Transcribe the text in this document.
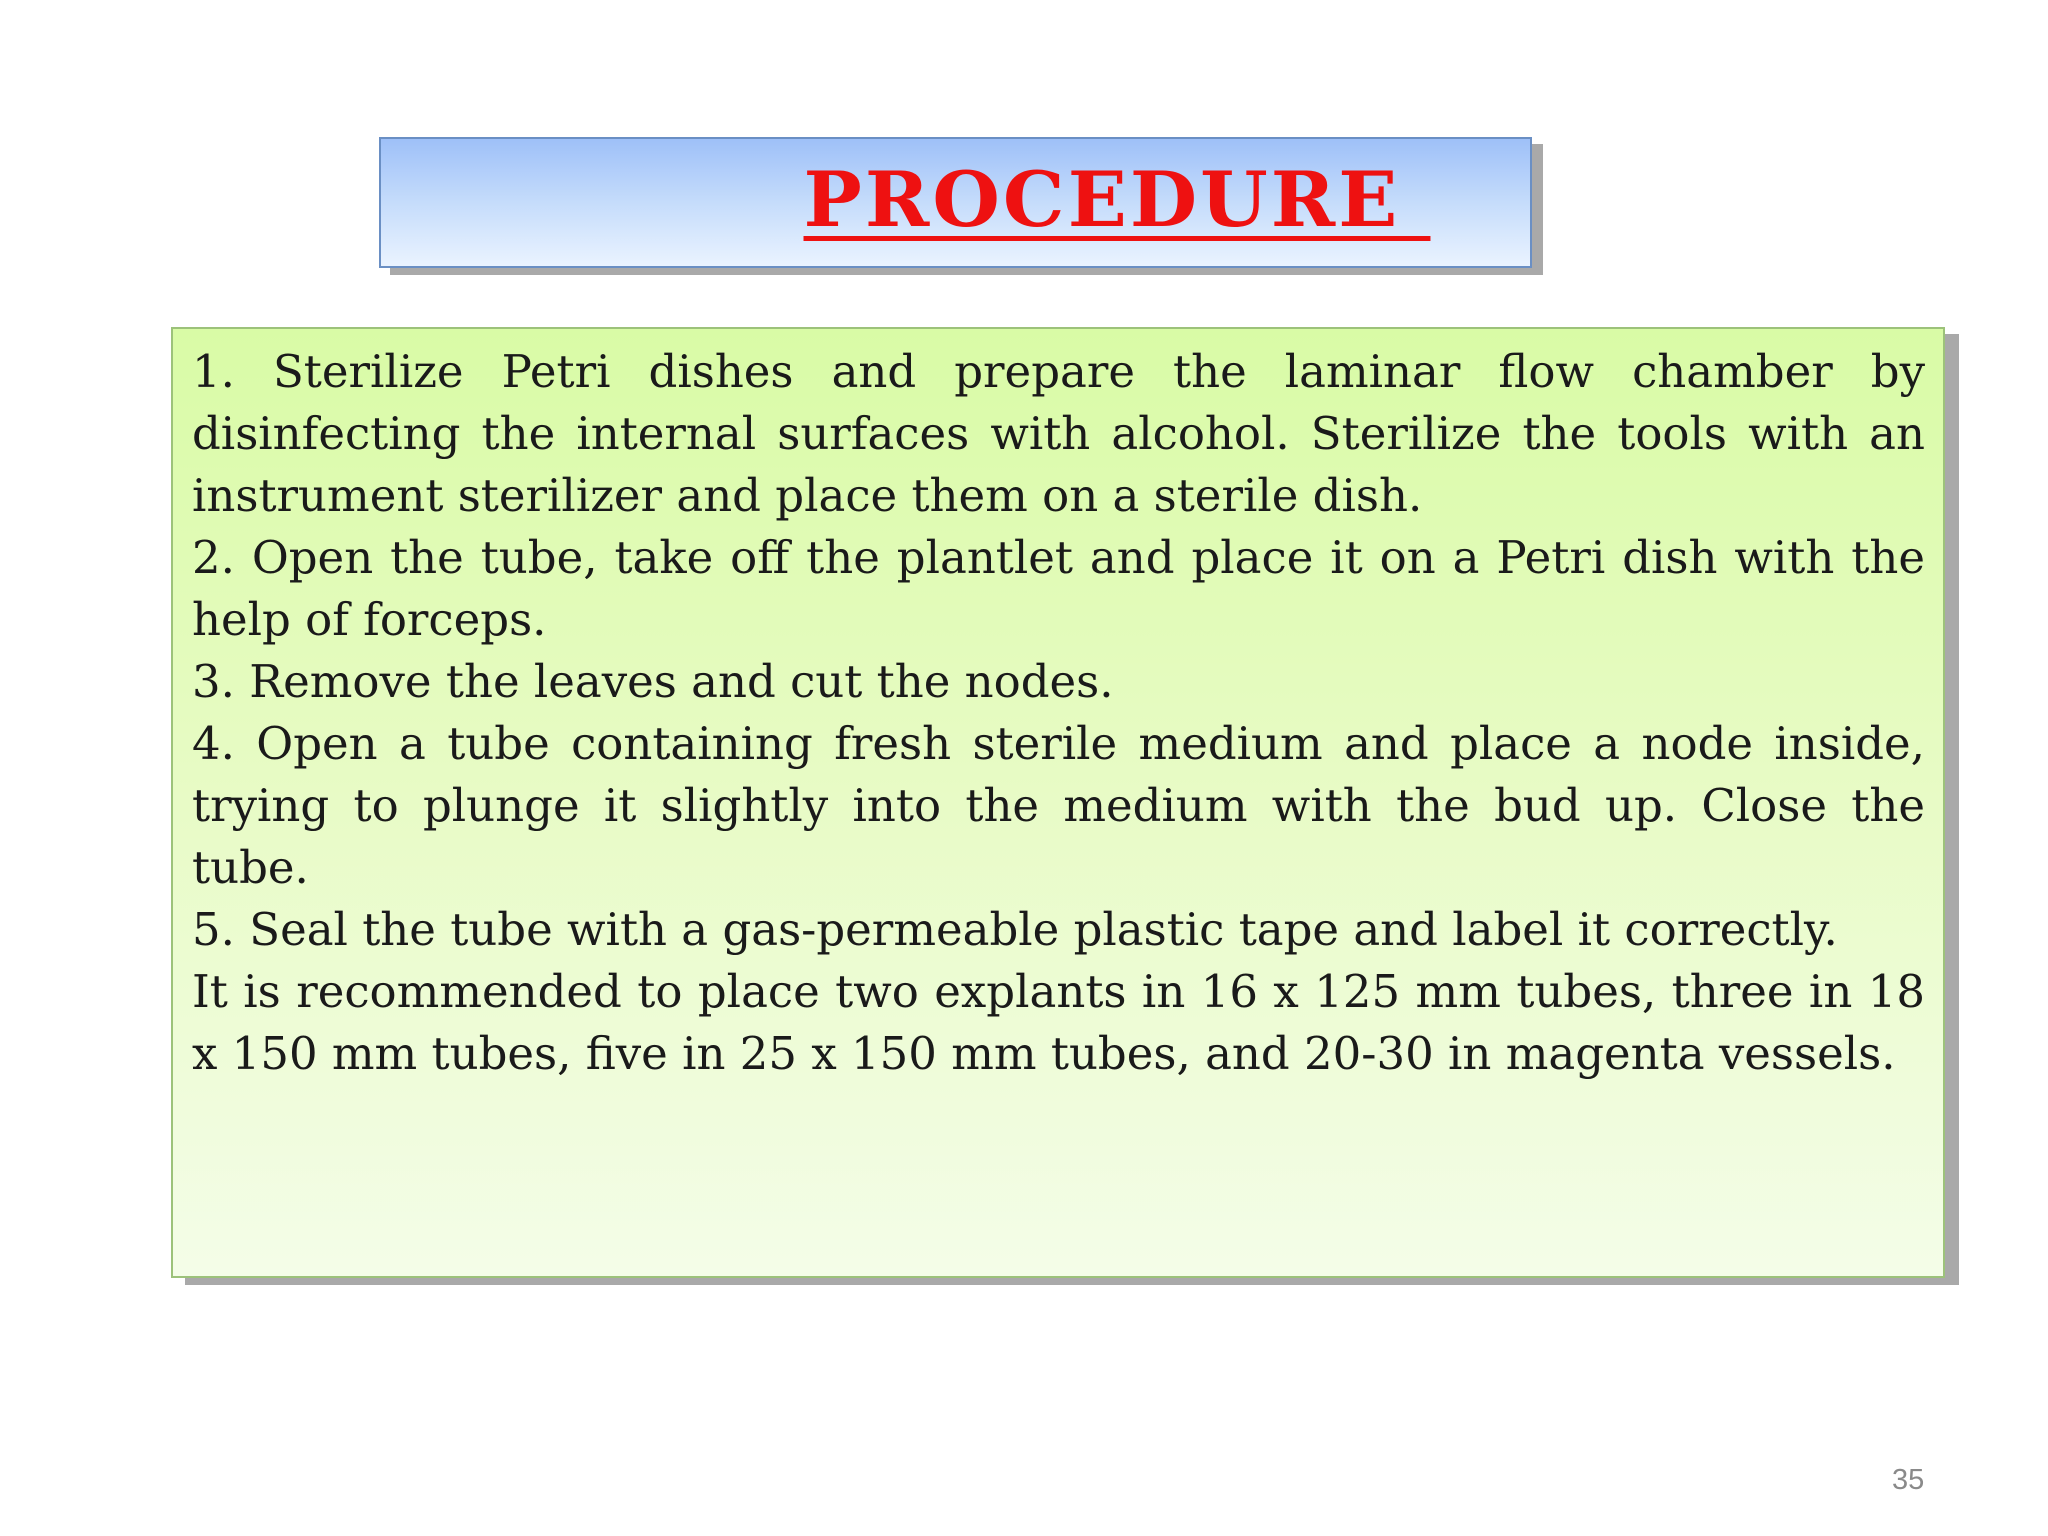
PROCEDURE

1. Sterilize Petri dishes and prepare the laminar flow chamber by disinfecting the internal surfaces with alcohol. Sterilize the tools with an instrument sterilizer and place them on a sterile dish.

2. Open the tube, take off the plantlet and place it on a Petri dish with the help of forceps.

3. Remove the leaves and cut the nodes.

4. Open a tube containing fresh sterile medium and place a node inside, trying to plunge it slightly into the medium with the bud up. Close the tube.

5. Seal the tube with a gas-permeable plastic tape and label it correctly.

It is recommended to place two explants in 16 x 125 mm tubes, three in 18 x 150 mm tubes, five in 25 x 150 mm tubes, and 20-30 in magenta vessels.

35
